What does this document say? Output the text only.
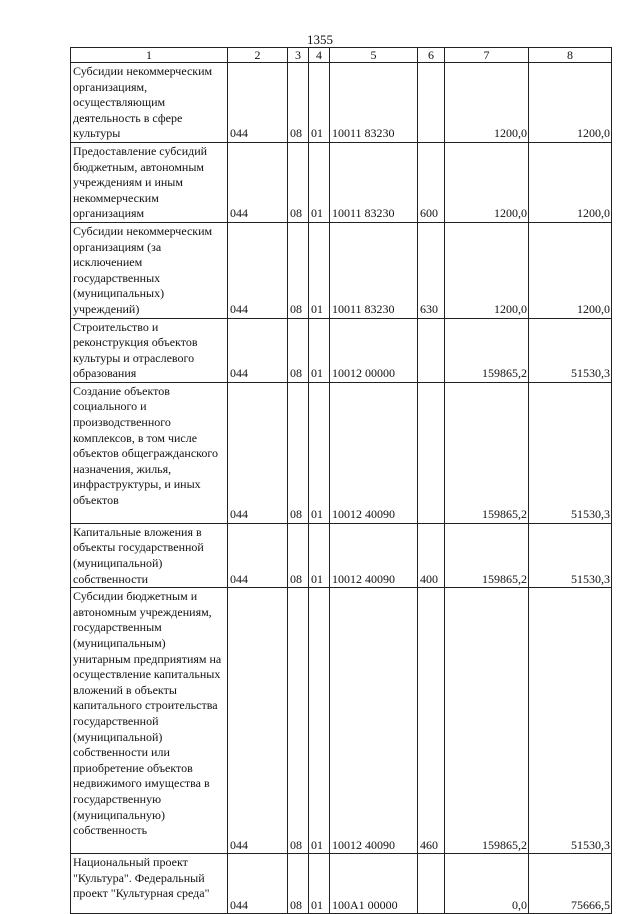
1355
1	2	3	4	5	6	7	8
Субсидии некоммерческим организациям, осуществляющим деятельность в сфере культуры	044	08	01	10011 83230		1200,0	1200,0
Предоставление субсидий бюджетным, автономным учреждениям и иным некоммерческим организациям	044	08	01	10011 83230	600	1200,0	1200,0
Субсидии некоммерческим организациям (за исключением государственных (муниципальных) учреждений)	044	08	01	10011 83230	630	1200,0	1200,0
Строительство и реконструкция объектов культуры и отраслевого образования	044	08	01	10012 00000		159865,2	51530,3
Создание объектов социального и производственного комплексов, в том числе объектов общегражданского назначения, жилья, инфраструктуры, и иных объектов	044	08	01	10012 40090		159865,2	51530,3
Капитальные вложения в объекты государственной (муниципальной) собственности	044	08	01	10012 40090	400	159865,2	51530,3
Субсидии бюджетным и автономным учреждениям, государственным (муниципальным) унитарным предприятиям на осуществление капитальных вложений в объекты капитального строительства государственной (муниципальной) собственности или приобретение объектов недвижимого имущества в государственную (муниципальную) собственность	044	08	01	10012 40090	460	159865,2	51530,3
Национальный проект "Культура". Федеральный проект "Культурная среда"	044	08	01	100А1 00000		0,0	75666,5
